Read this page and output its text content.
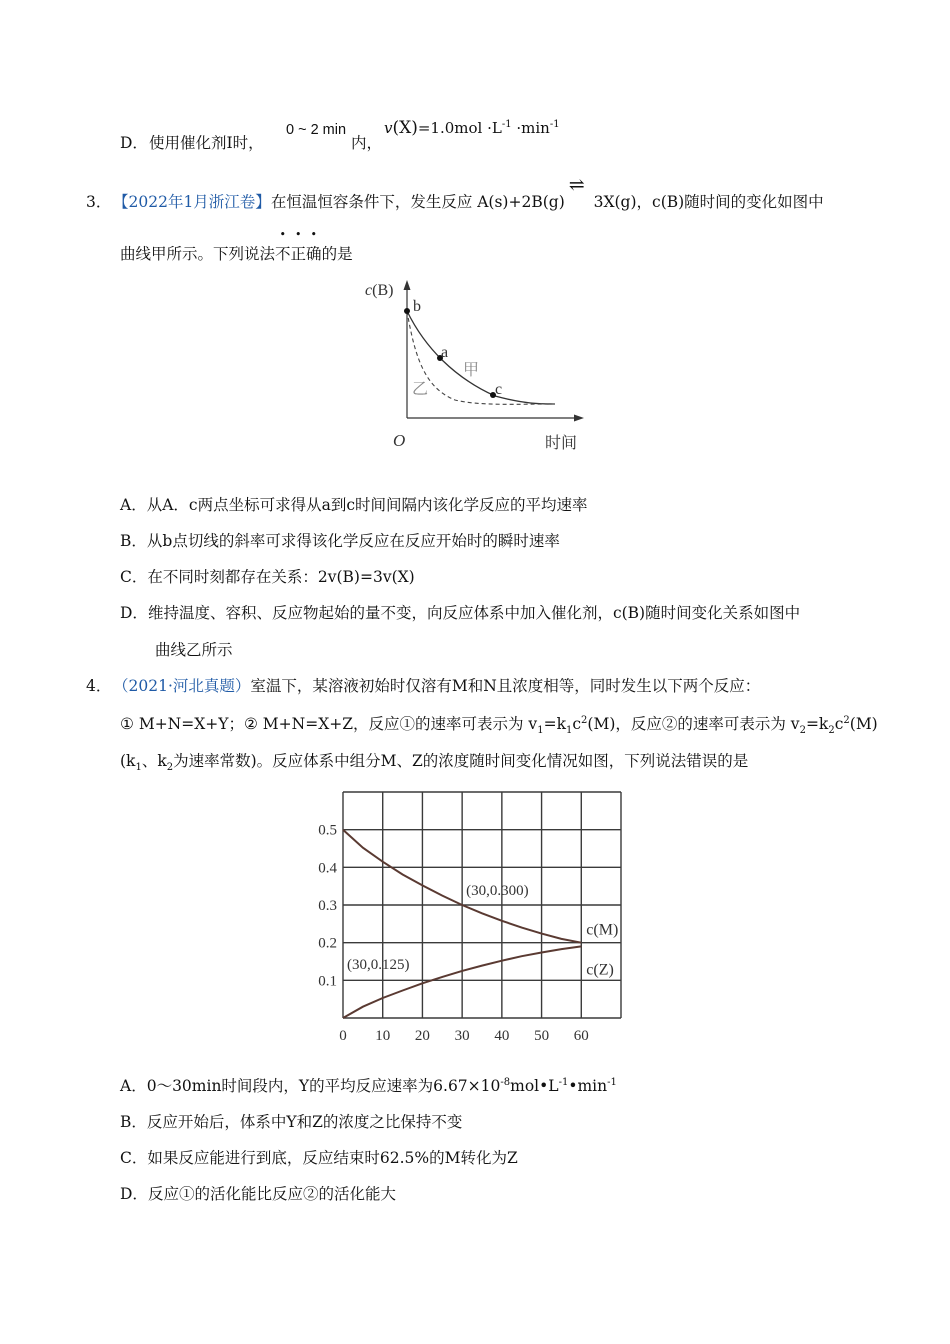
D． 使用催化剂Ⅰ时，
0 ~ 2 min
内，
$v(X)=1.0mol \cdot L^{-1} \cdot\min^{-1}$
3． 【2022年1月浙江卷】在恒温恒容条件下，发生反应 A(s)+2B(g)⇌ 3X(g)，c(B)随时间的变化如图中
曲线甲所示。下列说法不正确的是
c(B)
O	时间
b
a
c
甲
乙
A．从A．c两点坐标可求得从a到c时间间隔内该化学反应的平均速率
B．从b点切线的斜率可求得该化学反应在反应开始时的瞬时速率
C．在不同时刻都存在关系：2v(B)=3v(X)
D．维持温度、容积、反应物起始的量不变，向反应体系中加入催化剂，c(B)随时间变化关系如图中
曲线乙所示
4． （2021·河北真题）室温下，某溶液初始时仅溶有M和N且浓度相等，同时发生以下两个反应：
① M+N=X+Y；② M+N=X+Z，反应①的速率可表示为 $v_1=k_1c^2(M)$，反应②的速率可表示为 $v_2=k_2c^2(M)$
($k_1$、$k_2$为速率常数)。反应体系中组分M、Z的浓度随时间变化情况如图，下列说法错误的是
0 10 20 30 40 50 60
0.1
0.2
0.3
0.4
0.5
c(M)
c(Z)
(30,0.300)
(30,0.125)
A．0～30min时间段内，Y的平均反应速率为$6.67\times 10^{-8}mol•L^{-1}•\min^{-1}$
B．反应开始后，体系中Y和Z的浓度之比保持不变
C．如果反应能进行到底，反应结束时62.5%的M转化为Z
D．反应①的活化能比反应②的活化能大
